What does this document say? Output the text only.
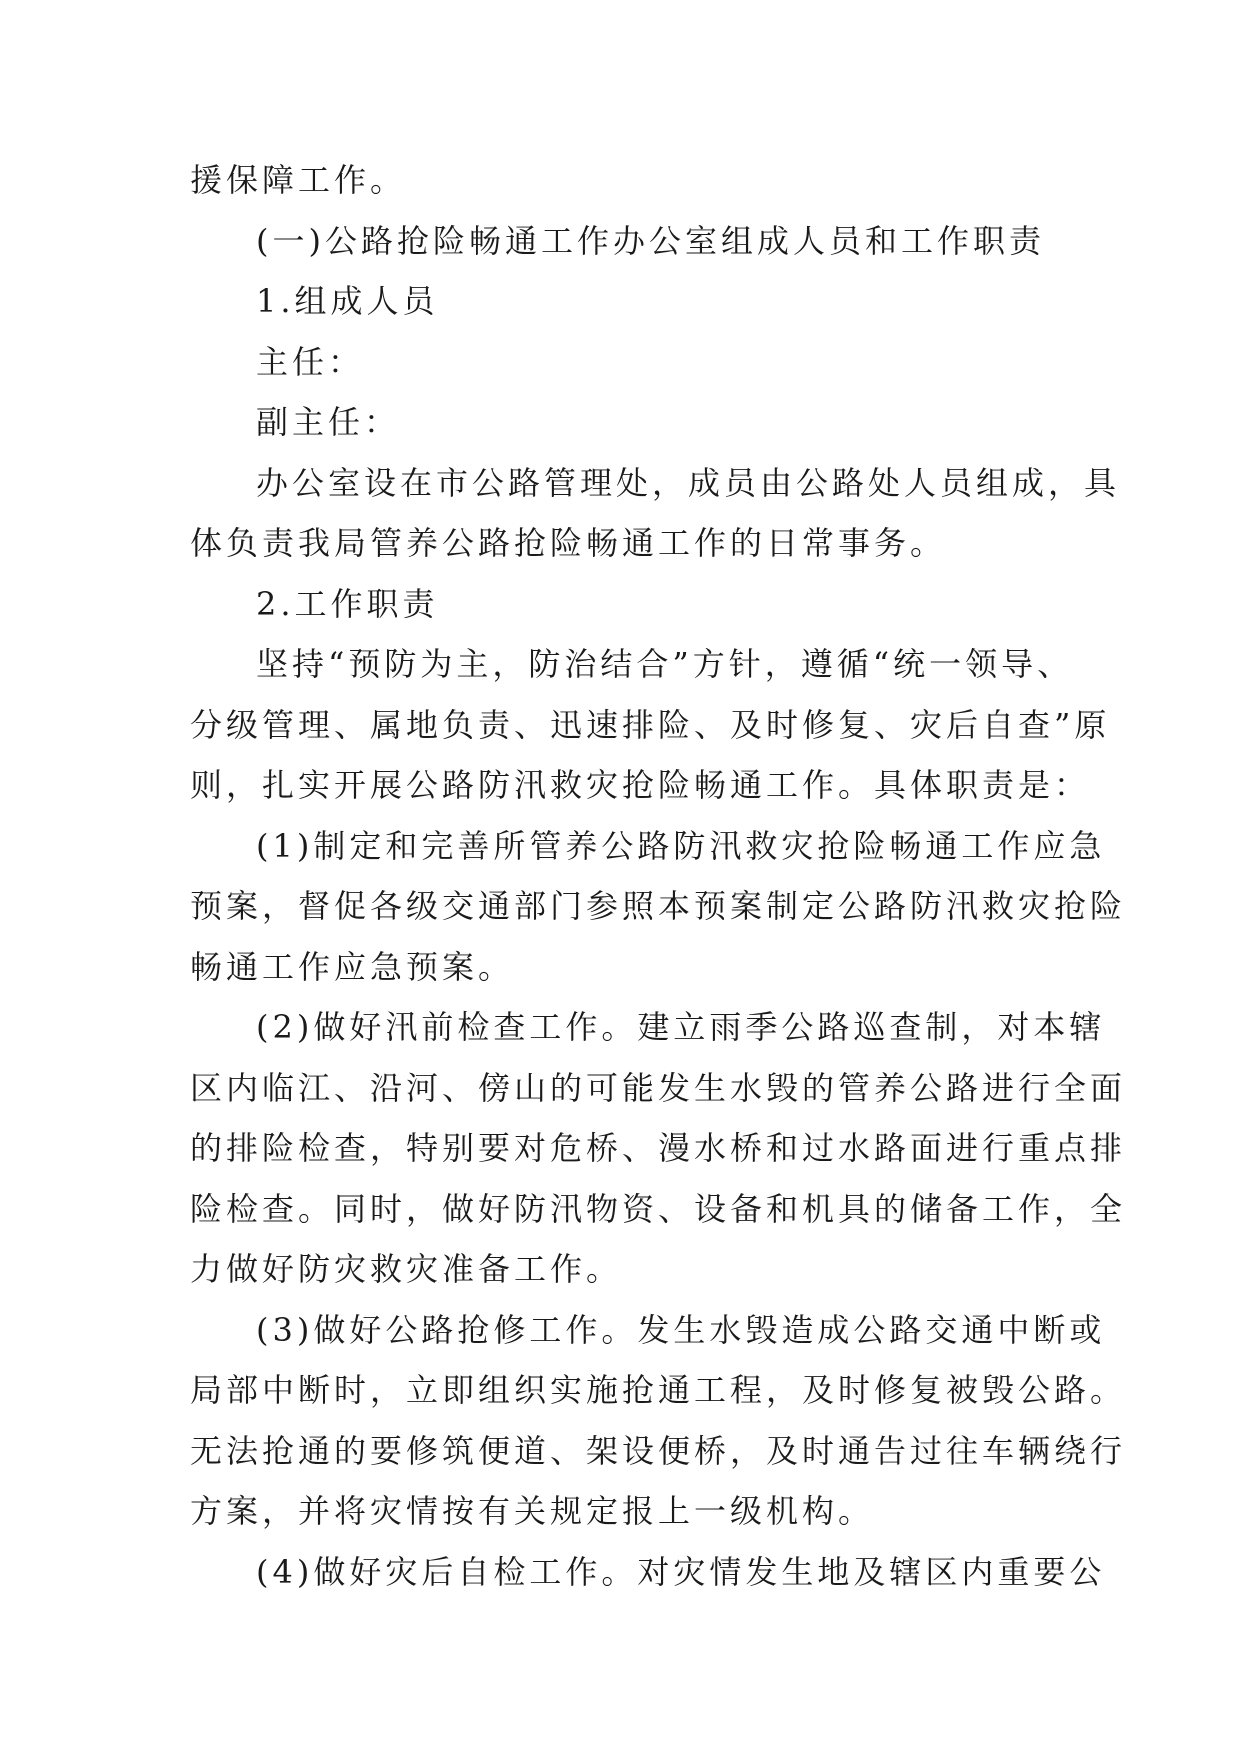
援保障工作。
(一)公路抢险畅通工作办公室组成人员和工作职责
1.组成人员
主任：
副主任：
办公室设在市公路管理处，成员由公路处人员组成，具
体负责我局管养公路抢险畅通工作的日常事务。
2.工作职责
坚持“预防为主，防治结合”方针，遵循“统一领导、
分级管理、属地负责、迅速排险、及时修复、灾后自查”原
则，扎实开展公路防汛救灾抢险畅通工作。具体职责是：
(1)制定和完善所管养公路防汛救灾抢险畅通工作应急
预案，督促各级交通部门参照本预案制定公路防汛救灾抢险
畅通工作应急预案。
(2)做好汛前检查工作。建立雨季公路巡查制，对本辖
区内临江、沿河、傍山的可能发生水毁的管养公路进行全面
的排险检查，特别要对危桥、漫水桥和过水路面进行重点排
险检查。同时，做好防汛物资、设备和机具的储备工作，全
力做好防灾救灾准备工作。
(3)做好公路抢修工作。发生水毁造成公路交通中断或
局部中断时，立即组织实施抢通工程，及时修复被毁公路。
无法抢通的要修筑便道、架设便桥，及时通告过往车辆绕行
方案，并将灾情按有关规定报上一级机构。
(4)做好灾后自检工作。对灾情发生地及辖区内重要公
